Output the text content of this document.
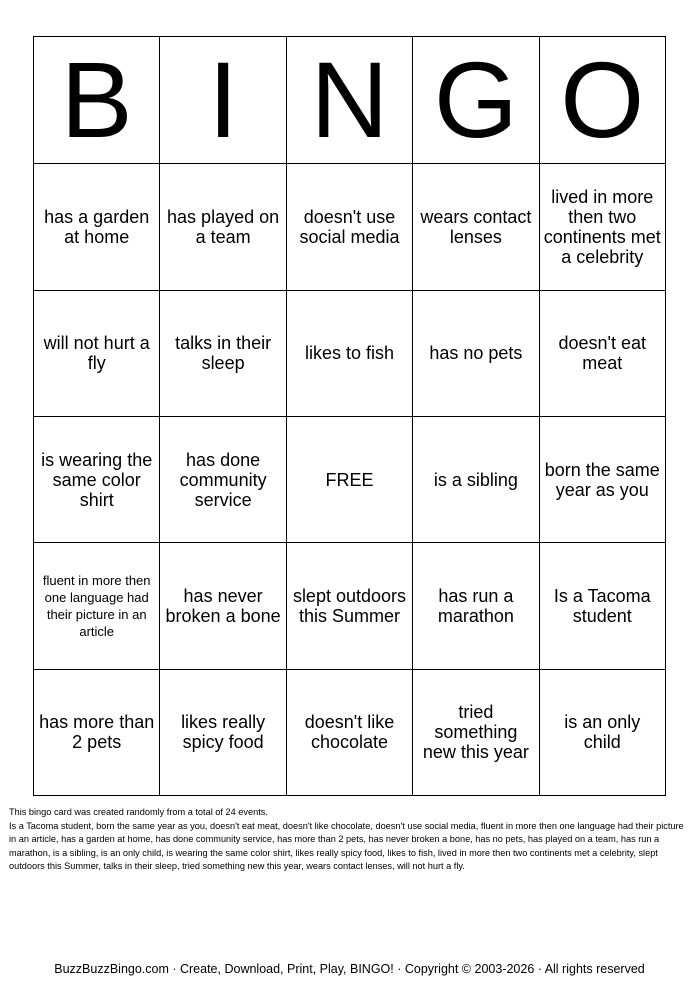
B	I	N	G	O
has a garden at home	has played on a team	doesn't use social media	wears contact lenses	lived in more then two continents met a celebrity
will not hurt a fly	talks in their sleep	likes to fish	has no pets	doesn't eat meat
is wearing the same color shirt	has done community service	FREE	is a sibling	born the same year as you
fluent in more then one language had their picture in an article	has never broken a bone	slept outdoors this Summer	has run a marathon	Is a Tacoma student
has more than 2 pets	likes really spicy food	doesn't like chocolate	tried something new this year	is an only child

This bingo card was created randomly from a total of 24 events.

Is a Tacoma student, born the same year as you, doesn't eat meat, doesn't like chocolate, doesn't use social media, fluent in more then one language had their picture in an article, has a garden at home, has done community service, has more than 2 pets, has never broken a bone, has no pets, has played on a team, has run a marathon, is a sibling, is an only child, is wearing the same color shirt, likes really spicy food, likes to fish, lived in more then two continents met a celebrity, slept outdoors this Summer, talks in their sleep, tried something new this year, wears contact lenses, will not hurt a fly.

BuzzBuzzBingo.com · Create, Download, Print, Play, BINGO! · Copyright © 2003-2026 · All rights reserved
